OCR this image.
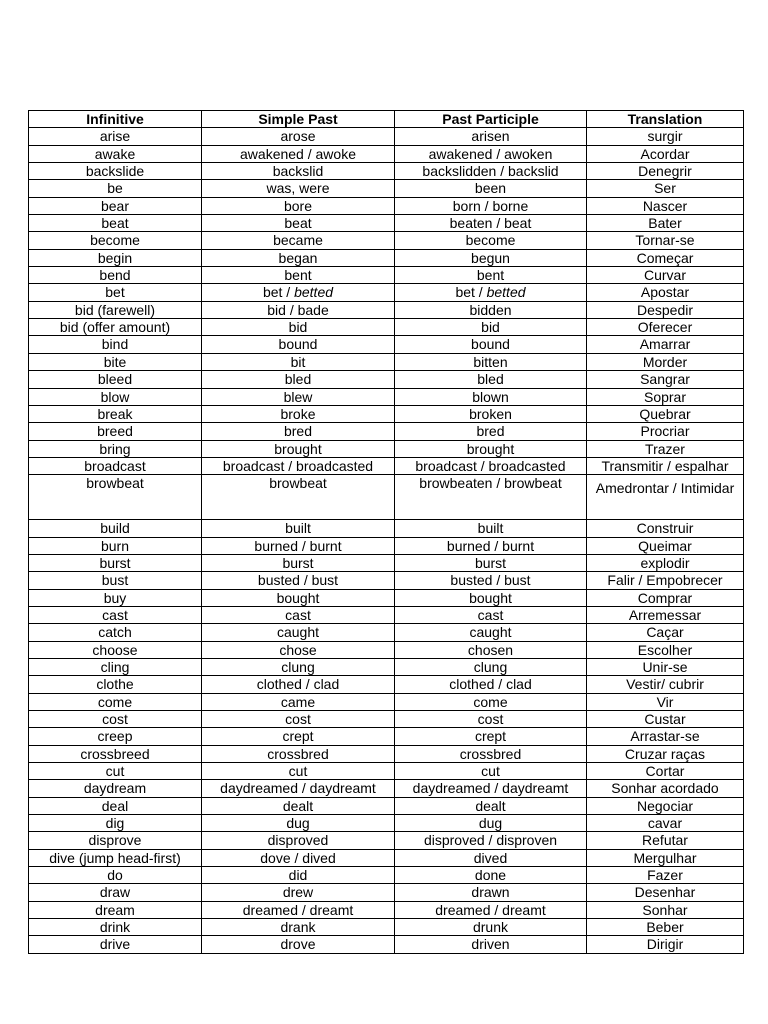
Infinitive	Simple Past	Past Participle	Translation
arise	arose	arisen	surgir
awake	awakened / awoke	awakened / awoken	Acordar
backslide	backslid	backslidden / backslid	Denegrir
be	was, were	been	Ser
bear	bore	born / borne	Nascer
beat	beat	beaten / beat	Bater
become	became	become	Tornar-se
begin	began	begun	Começar
bend	bent	bent	Curvar
bet	bet / betted	bet / betted	Apostar
bid (farewell)	bid / bade	bidden	Despedir
bid (offer amount)	bid	bid	Oferecer
bind	bound	bound	Amarrar
bite	bit	bitten	Morder
bleed	bled	bled	Sangrar
blow	blew	blown	Soprar
break	broke	broken	Quebrar
breed	bred	bred	Procriar
bring	brought	brought	Trazer
broadcast	broadcast / broadcasted	broadcast / broadcasted	Transmitir / espalhar
browbeat	browbeat	browbeaten / browbeat	Amedrontar / Intimidar
build	built	built	Construir
burn	burned / burnt	burned / burnt	Queimar
burst	burst	burst	explodir
bust	busted / bust	busted / bust	Falir / Empobrecer
buy	bought	bought	Comprar
cast	cast	cast	Arremessar
catch	caught	caught	Caçar
choose	chose	chosen	Escolher
cling	clung	clung	Unir-se
clothe	clothed / clad	clothed / clad	Vestir/ cubrir
come	came	come	Vir
cost	cost	cost	Custar
creep	crept	crept	Arrastar-se
crossbreed	crossbred	crossbred	Cruzar raças
cut	cut	cut	Cortar
daydream	daydreamed / daydreamt	daydreamed / daydreamt	Sonhar acordado
deal	dealt	dealt	Negociar
dig	dug	dug	cavar
disprove	disproved	disproved / disproven	Refutar
dive (jump head-first)	dove / dived	dived	Mergulhar
do	did	done	Fazer
draw	drew	drawn	Desenhar
dream	dreamed / dreamt	dreamed / dreamt	Sonhar
drink	drank	drunk	Beber
drive	drove	driven	Dirigir
